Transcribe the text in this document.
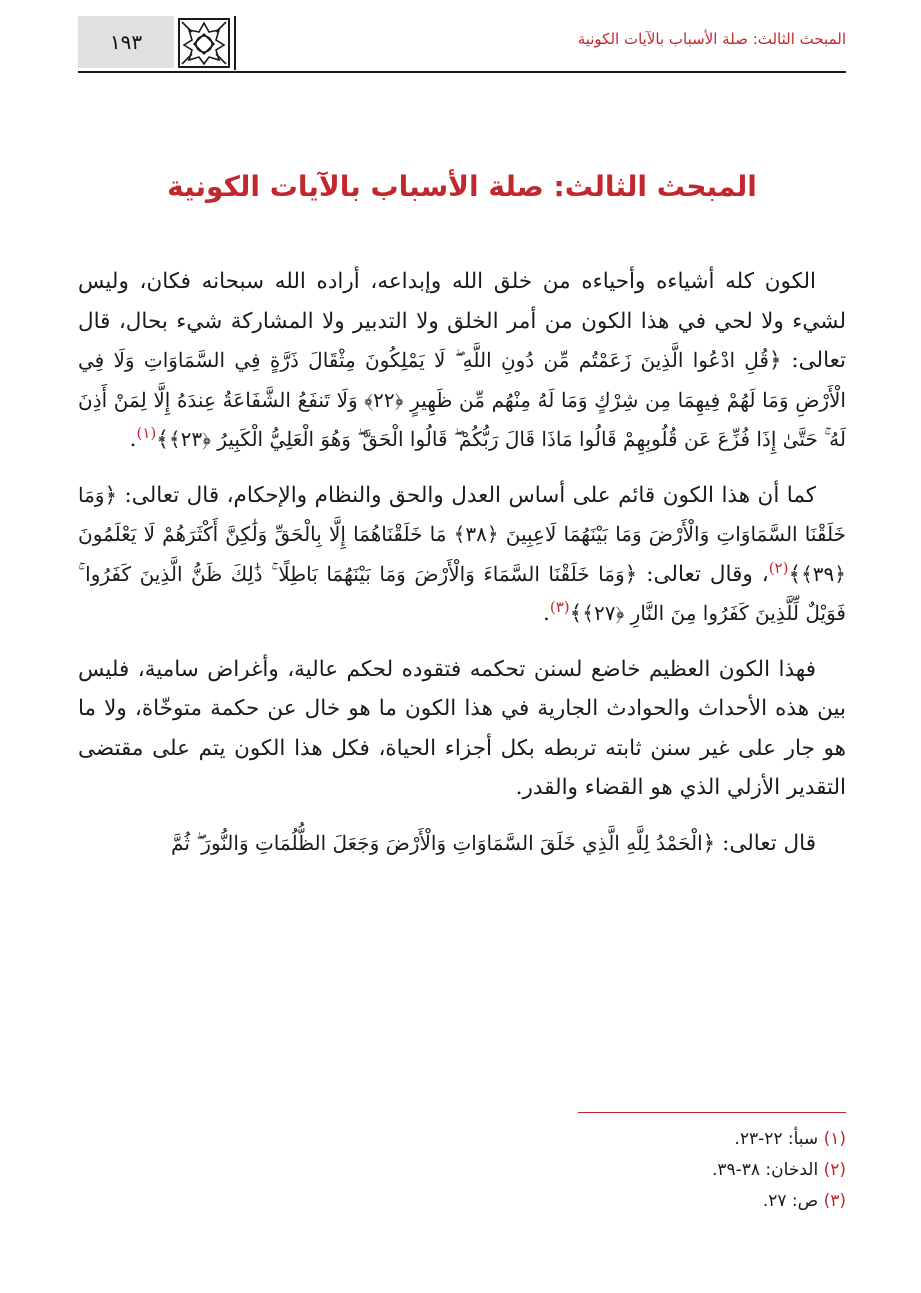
١٩٣	المبحث الثالث: صلة الأسباب بالآيات الكونية
المبحث الثالث: صلة الأسباب بالآيات الكونية

الكون كله أشياءه وأحياءه من خلق الله وإبداعه، أراده الله سبحانه فكان، وليس لشيء ولا لحي في هذا الكون من أمر الخلق ولا التدبير ولا المشاركة شيء بحال، قال تعالى: ﴿قُلِ ادْعُوا الَّذِينَ زَعَمْتُم مِّن دُونِ اللَّهِ ۖ لَا يَمْلِكُونَ مِثْقَالَ ذَرَّةٍ فِي السَّمَاوَاتِ وَلَا فِي الْأَرْضِ وَمَا لَهُمْ فِيهِمَا مِن شِرْكٍ وَمَا لَهُ مِنْهُم مِّن ظَهِيرٍ ﴿٢٢﴾ وَلَا تَنفَعُ الشَّفَاعَةُ عِندَهُ إِلَّا لِمَنْ أَذِنَ لَهُ ۚ حَتَّىٰ إِذَا فُزِّعَ عَن قُلُوبِهِمْ قَالُوا مَاذَا قَالَ رَبُّكُمْ ۖ قَالُوا الْحَقَّ ۖ وَهُوَ الْعَلِيُّ الْكَبِيرُ ﴿٢٣﴾﴾$^{(١)}$.

كما أن هذا الكون قائم على أساس العدل والحق والنظام والإحكام، قال تعالى: ﴿وَمَا خَلَقْنَا السَّمَاوَاتِ وَالْأَرْضَ وَمَا بَيْنَهُمَا لَاعِبِينَ ﴿٣٨﴾ مَا خَلَقْنَاهُمَا إِلَّا بِالْحَقِّ وَلَٰكِنَّ أَكْثَرَهُمْ لَا يَعْلَمُونَ ﴿٣٩﴾﴾$^{(٢)}$، وقال تعالى: ﴿وَمَا خَلَقْنَا السَّمَاءَ وَالْأَرْضَ وَمَا بَيْنَهُمَا بَاطِلًا ۚ ذَٰلِكَ ظَنُّ الَّذِينَ كَفَرُوا ۚ فَوَيْلٌ لِّلَّذِينَ كَفَرُوا مِنَ النَّارِ ﴿٢٧﴾﴾$^{(٣)}$.

فهذا الكون العظيم خاضع لسنن تحكمه فتقوده لحكم عالية، وأغراض سامية، فليس بين هذه الأحداث والحوادث الجارية في هذا الكون ما هو خال عن حكمة متوخّاة، ولا ما هو جار على غير سنن ثابته تربطه بكل أجزاء الحياة، فكل هذا الكون يتم على مقتضى التقدير الأزلي الذي هو القضاء والقدر.

قال تعالى: ﴿الْحَمْدُ لِلَّهِ الَّذِي خَلَقَ السَّمَاوَاتِ وَالْأَرْضَ وَجَعَلَ الظُّلُمَاتِ وَالنُّورَ ۖ ثُمَّ

(١) سبأ: ٢٢-٢٣.
(٢) الدخان: ٣٨-٣٩.
(٣) ص: ٢٧.
